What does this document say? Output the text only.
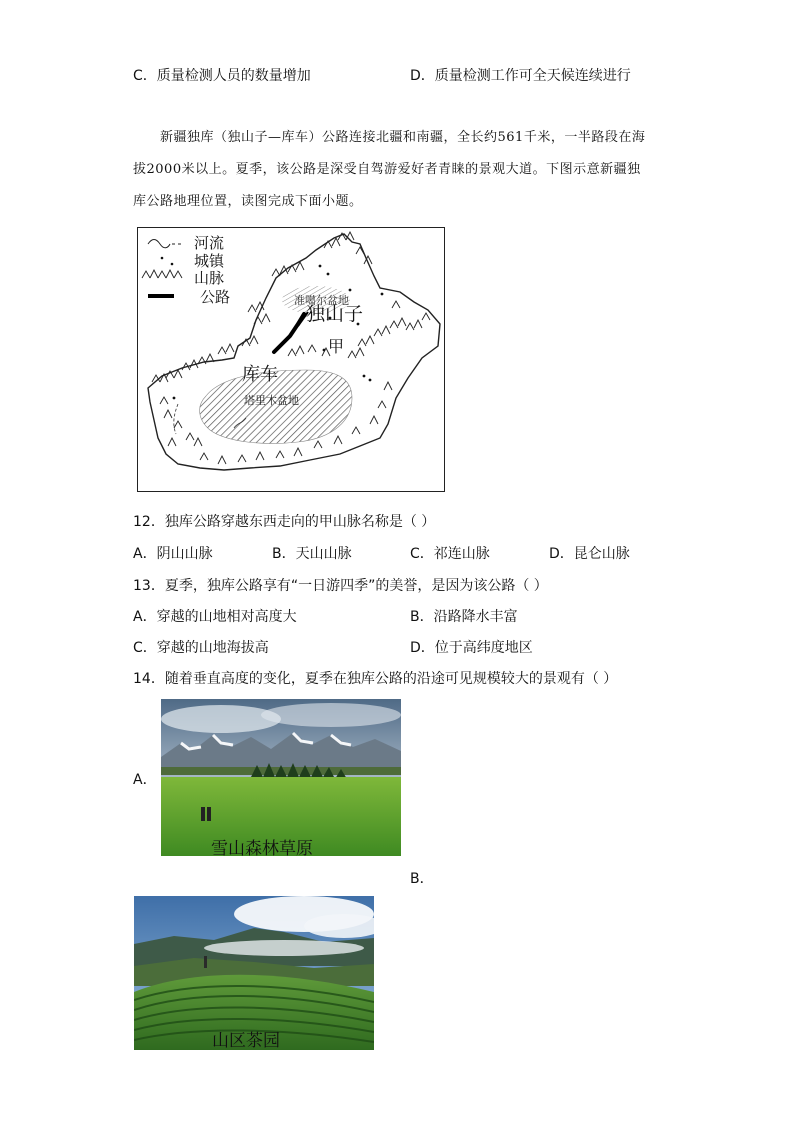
C．质量检测人员的数量增加	D．质量检测工作可全天候连续进行
新疆独库（独山子—库车）公路连接北疆和南疆，全长约561千米，一半路段在海
拔2000米以上。夏季，该公路是深受自驾游爱好者青睐的景观大道。下图示意新疆独
库公路地理位置，读图完成下面小题。
河流
城镇
山脉
公路	准噶尔盆地
独山子
甲
库车
塔里木盆地
12．独库公路穿越东西走向的甲山脉名称是（ ）
A．阴山山脉	B．天山山脉	C．祁连山脉	D．昆仑山脉
13．夏季，独库公路享有“一日游四季”的美誉，是因为该公路（ ）
A．穿越的山地相对高度大	B．沿路降水丰富
C．穿越的山地海拔高	D．位于高纬度地区
14．随着垂直高度的变化，夏季在独库公路的沿途可见规模较大的景观有（ ）
A．
雪山森林草原
B．
山区茶园
